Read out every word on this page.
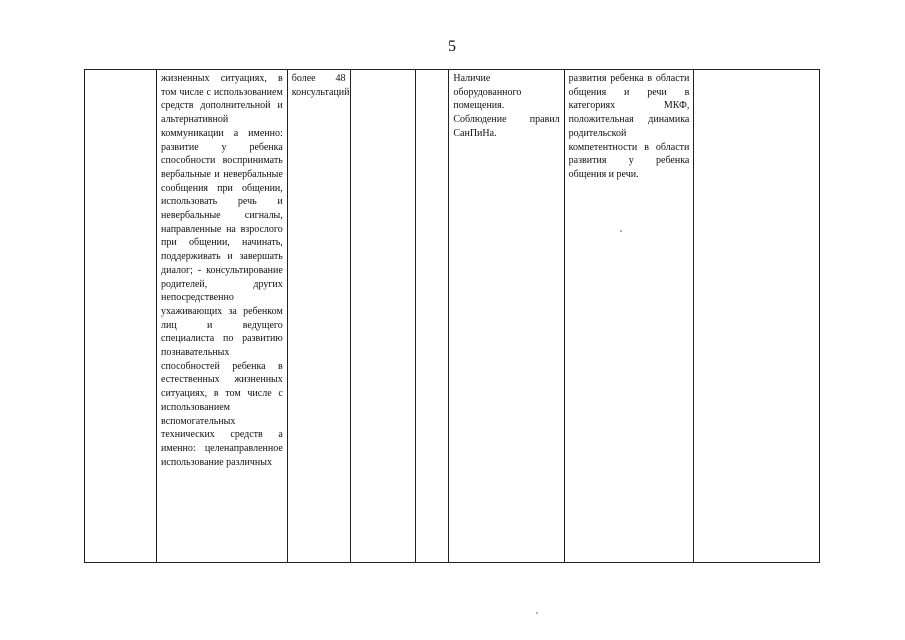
5
	жизненных ситуациях, в том числе с использованием средств дополнительной и альтернативной коммуникации а именно: развитие у ребенка способности воспринимать вербальные и невербальные сообщения при общении, использовать речь и невербальные сигналы, направленные на взрослого при общении, начинать, поддерживать и завершать диалог; - консультирование родителей, других непосредственно ухаживающих за ребенком лиц и ведущего специалиста по развитию познавательных способностей ребенка в естественных жизненных ситуациях, в том числе с использованием вспомогательных технических средств а именно: целенаправленное использование различных	более 48 консультаций			Наличие оборудованного помещения. Соблюдение правил СанПиНа.	развития ребенка в области общения и речи в категориях МКФ, положительная динамика родительской компетентности в области развития у ребенка общения и речи.	
